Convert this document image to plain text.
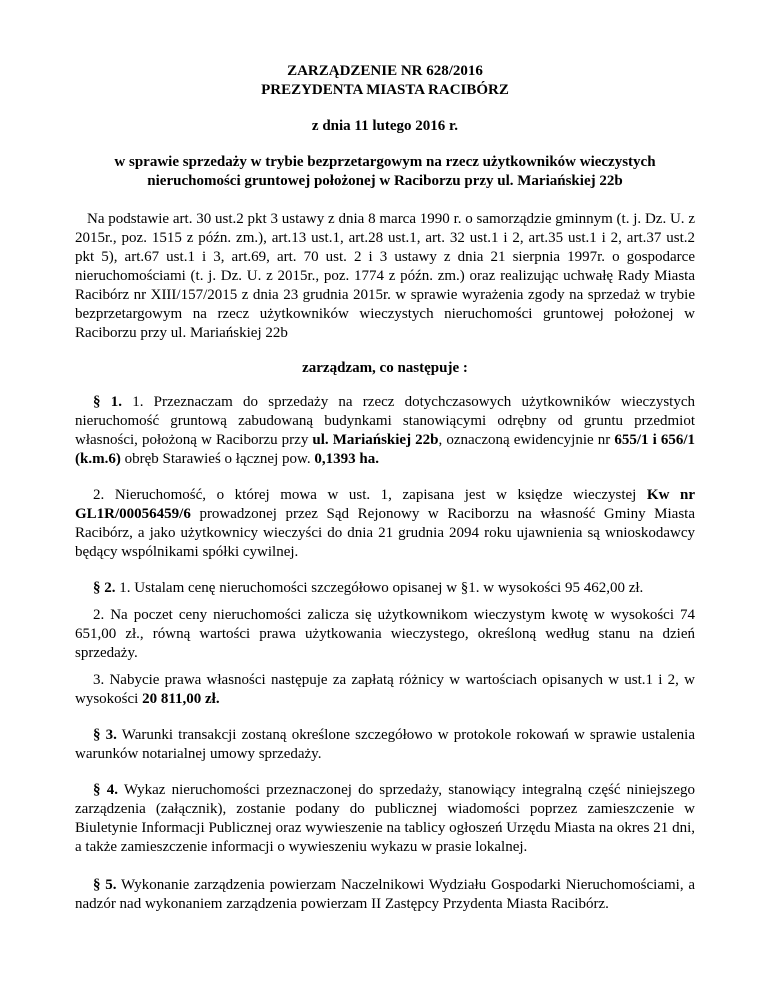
ZARZĄDZENIE NR 628/2016
PREZYDENTA MIASTA RACIBÓRZ
z dnia 11 lutego 2016 r.
w sprawie sprzedaży w trybie bezprzetargowym na rzecz użytkowników wieczystych
nieruchomości gruntowej położonej w Raciborzu przy ul. Mariańskiej 22b

Na podstawie art. 30 ust.2 pkt 3 ustawy z dnia 8 marca 1990 r. o samorządzie gminnym (t. j. Dz. U. z 2015r., poz. 1515 z późn. zm.), art.13 ust.1, art.28 ust.1, art. 32 ust.1 i 2, art.35 ust.1 i 2, art.37 ust.2 pkt 5), art.67 ust.1 i 3, art.69, art. 70 ust. 2 i 3 ustawy z dnia 21 sierpnia 1997r. o gospodarce nieruchomościami (t. j. Dz. U. z 2015r., poz. 1774 z późn. zm.) oraz realizując uchwałę Rady Miasta Racibórz nr XIII/157/2015 z dnia 23 grudnia 2015r. w sprawie wyrażenia zgody na sprzedaż w trybie bezprzetargowym na rzecz użytkowników wieczystych nieruchomości gruntowej położonej w Raciborzu przy ul. Mariańskiej 22b

zarządzam, co następuje :

§ 1. 1. Przeznaczam do sprzedaży na rzecz dotychczasowych użytkowników wieczystych nieruchomość gruntową zabudowaną budynkami stanowiącymi odrębny od gruntu przedmiot własności, położoną w Raciborzu przy ul. Mariańskiej 22b, oznaczoną ewidencyjnie nr 655/1 i 656/1 (k.m.6) obręb Starawieś o łącznej pow. 0,1393 ha.

2. Nieruchomość, o której mowa w ust. 1, zapisana jest w księdze wieczystej Kw nr GL1R/00056459/6 prowadzonej przez Sąd Rejonowy w Raciborzu na własność Gminy Miasta Racibórz, a jako użytkownicy wieczyści do dnia 21 grudnia 2094 roku ujawnienia są wnioskodawcy będący wspólnikami spółki cywilnej.

§ 2. 1. Ustalam cenę nieruchomości szczegółowo opisanej w §1. w wysokości 95 462,00 zł.

2. Na poczet ceny nieruchomości zalicza się użytkownikom wieczystym kwotę w wysokości 74 651,00 zł., równą wartości prawa użytkowania wieczystego, określoną według stanu na dzień sprzedaży.

3. Nabycie prawa własności następuje za zapłatą różnicy w wartościach opisanych w ust.1 i 2, w wysokości 20 811,00 zł.

§ 3. Warunki transakcji zostaną określone szczegółowo w protokole rokowań w sprawie ustalenia warunków notarialnej umowy sprzedaży.

§ 4. Wykaz nieruchomości przeznaczonej do sprzedaży, stanowiący integralną część niniejszego zarządzenia (załącznik), zostanie podany do publicznej wiadomości poprzez zamieszczenie w Biuletynie Informacji Publicznej oraz wywieszenie na tablicy ogłoszeń Urzędu Miasta na okres 21 dni, a także zamieszczenie informacji o wywieszeniu wykazu w prasie lokalnej.

§ 5. Wykonanie zarządzenia powierzam Naczelnikowi Wydziału Gospodarki Nieruchomościami, a nadzór nad wykonaniem zarządzenia powierzam II Zastępcy Przydenta Miasta Racibórz.
